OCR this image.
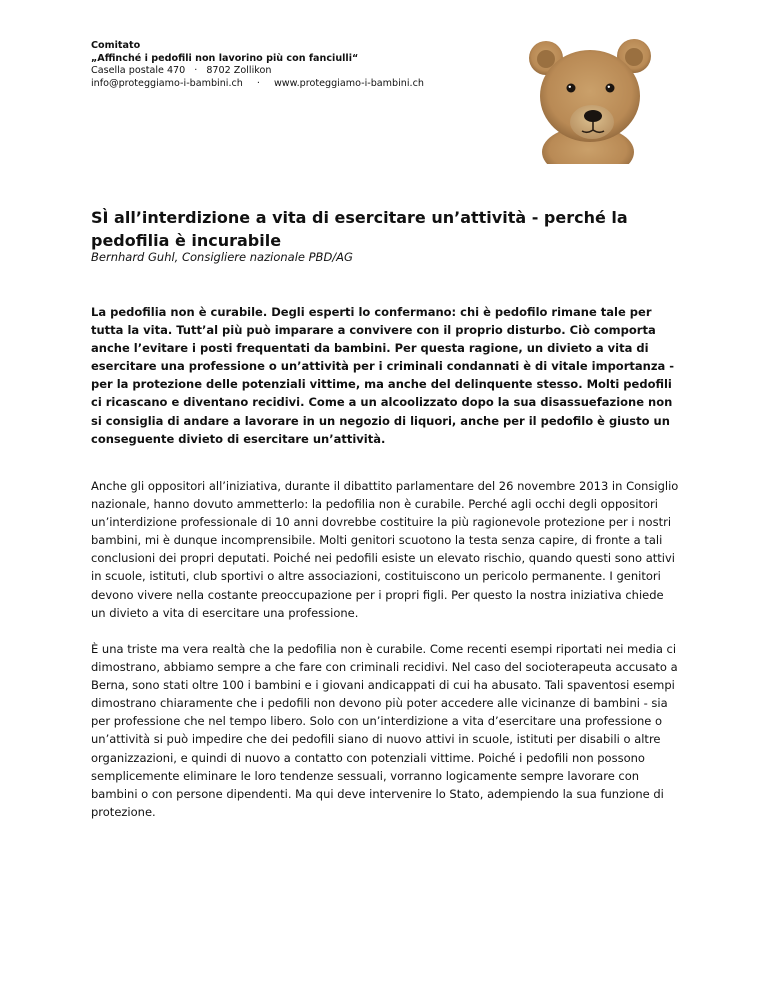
Comitato
„Affinché i pedofili non lavorino più con fanciulli“
Casella postale 470 · 8702 Zollikon
info@proteggiamo-i-bambini.ch · www.proteggiamo-i-bambini.ch
SÌ all’interdizione a vita di esercitare un’attività - perché la pedofilia è incurabile
Bernhard Guhl, Consigliere nazionale PBD/AG

La pedofilia non è curabile. Degli esperti lo confermano: chi è pedofilo rimane tale per tutta la vita. Tutt’al più può imparare a convivere con il proprio disturbo. Ciò comporta anche l’evitare i posti frequentati da bambini. Per questa ragione, un divieto a vita di esercitare una professione o un’attività per i criminali condannati è di vitale importanza - per la protezione delle potenziali vittime, ma anche del delinquente stesso. Molti pedofili ci ricascano e diventano recidivi. Come a un alcoolizzato dopo la sua disassuefazione non si consiglia di andare a lavorare in un negozio di liquori, anche per il pedofilo è giusto un conseguente divieto di esercitare un’attività.

Anche gli oppositori all’iniziativa, durante il dibattito parlamentare del 26 novembre 2013 in Consiglio nazionale, hanno dovuto ammetterlo: la pedofilia non è curabile. Perché agli occhi degli oppositori un’interdizione professionale di 10 anni dovrebbe costituire la più ragionevole protezione per i nostri bambini, mi è dunque incomprensibile. Molti genitori scuotono la testa senza capire, di fronte a tali conclusioni dei propri deputati. Poiché nei pedofili esiste un elevato rischio, quando questi sono attivi in scuole, istituti, club sportivi o altre associazioni, costituiscono un pericolo permanente. I genitori devono vivere nella costante preoccupazione per i propri figli. Per questo la nostra iniziativa chiede un divieto a vita di esercitare una professione.

È una triste ma vera realtà che la pedofilia non è curabile. Come recenti esempi riportati nei media ci dimostrano, abbiamo sempre a che fare con criminali recidivi. Nel caso del socioterapeuta accusato a Berna, sono stati oltre 100 i bambini e i giovani andicappati di cui ha abusato. Tali spaventosi esempi dimostrano chiaramente che i pedofili non devono più poter accedere alle vicinanze di bambini - sia per professione che nel tempo libero. Solo con un’interdizione a vita d’esercitare una professione o un’attività si può impedire che dei pedofili siano di nuovo attivi in scuole, istituti per disabili o altre organizzazioni, e quindi di nuovo a contatto con potenziali vittime. Poiché i pedofili non possono semplicemente eliminare le loro tendenze sessuali, vorranno logicamente sempre lavorare con bambini o con persone dipendenti. Ma qui deve intervenire lo Stato, adempiendo la sua funzione di protezione.
